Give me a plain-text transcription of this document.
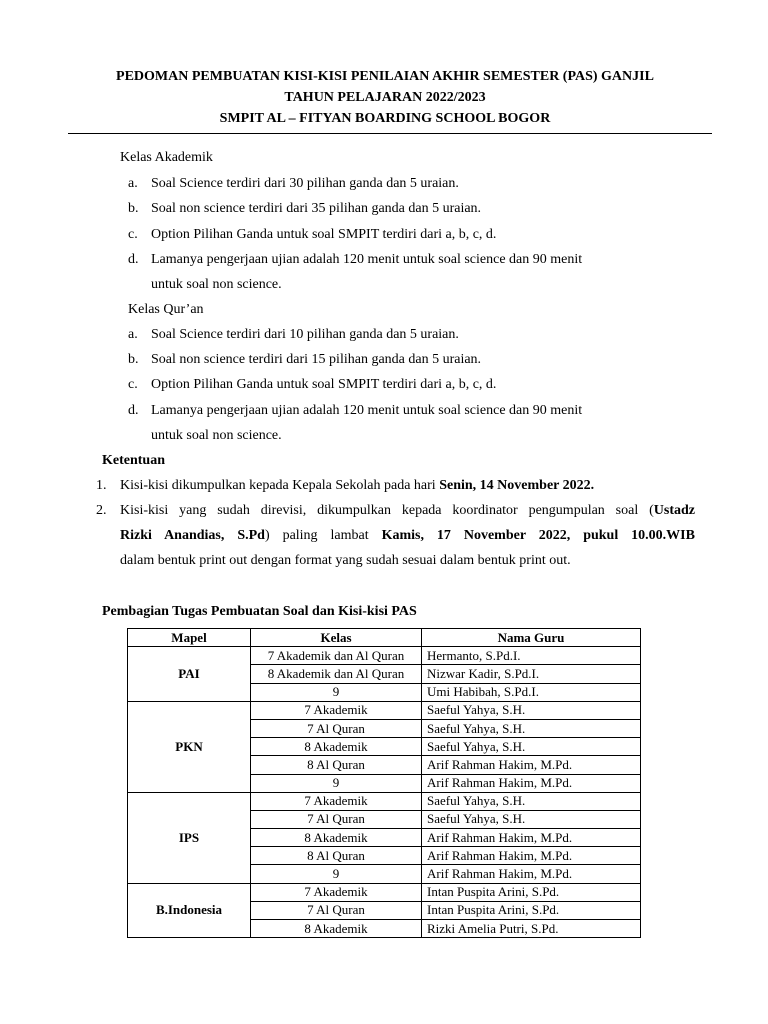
PEDOMAN PEMBUATAN KISI-KISI PENILAIAN AKHIR SEMESTER (PAS) GANJIL
TAHUN PELAJARAN 2022/2023
SMPIT AL – FITYAN BOARDING SCHOOL BOGOR
Kelas Akademik
a. Soal Science terdiri dari 30 pilihan ganda dan 5 uraian.
b. Soal non science terdiri dari 35 pilihan ganda dan 5 uraian.
c. Option Pilihan Ganda untuk soal SMPIT terdiri dari a, b, c, d.
d. Lamanya pengerjaan ujian adalah 120 menit untuk soal science dan 90 menit
untuk soal non science.
Kelas Qur’an
a. Soal Science terdiri dari 10 pilihan ganda dan 5 uraian.
b. Soal non science terdiri dari 15 pilihan ganda dan 5 uraian.
c. Option Pilihan Ganda untuk soal SMPIT terdiri dari a, b, c, d.
d. Lamanya pengerjaan ujian adalah 120 menit untuk soal science dan 90 menit
untuk soal non science.
Ketentuan
1. Kisi-kisi dikumpulkan kepada Kepala Sekolah pada hari Senin, 14 November 2022.
2. Kisi-kisi yang sudah direvisi, dikumpulkan kepada koordinator pengumpulan soal (Ustadz
Rizki Anandias, S.Pd) paling lambat Kamis, 17 November 2022, pukul 10.00.WIB
dalam bentuk print out dengan format yang sudah sesuai dalam bentuk print out.
Pembagian Tugas Pembuatan Soal dan Kisi-kisi PAS
Mapel	Kelas	Nama Guru
PAI	7 Akademik dan Al Quran	Hermanto, S.Pd.I.
	8 Akademik dan Al Quran	Nizwar Kadir, S.Pd.I.
	9	Umi Habibah, S.Pd.I.
PKN	7 Akademik	Saeful Yahya, S.H.
	7 Al Quran	Saeful Yahya, S.H.
	8 Akademik	Saeful Yahya, S.H.
	8 Al Quran	Arif Rahman Hakim, M.Pd.
	9	Arif Rahman Hakim, M.Pd.
IPS	7 Akademik	Saeful Yahya, S.H.
	7 Al Quran	Saeful Yahya, S.H.
	8 Akademik	Arif Rahman Hakim, M.Pd.
	8 Al Quran	Arif Rahman Hakim, M.Pd.
	9	Arif Rahman Hakim, M.Pd.
B.Indonesia	7 Akademik	Intan Puspita Arini, S.Pd.
	7 Al Quran	Intan Puspita Arini, S.Pd.
	8 Akademik	Rizki Amelia Putri, S.Pd.
